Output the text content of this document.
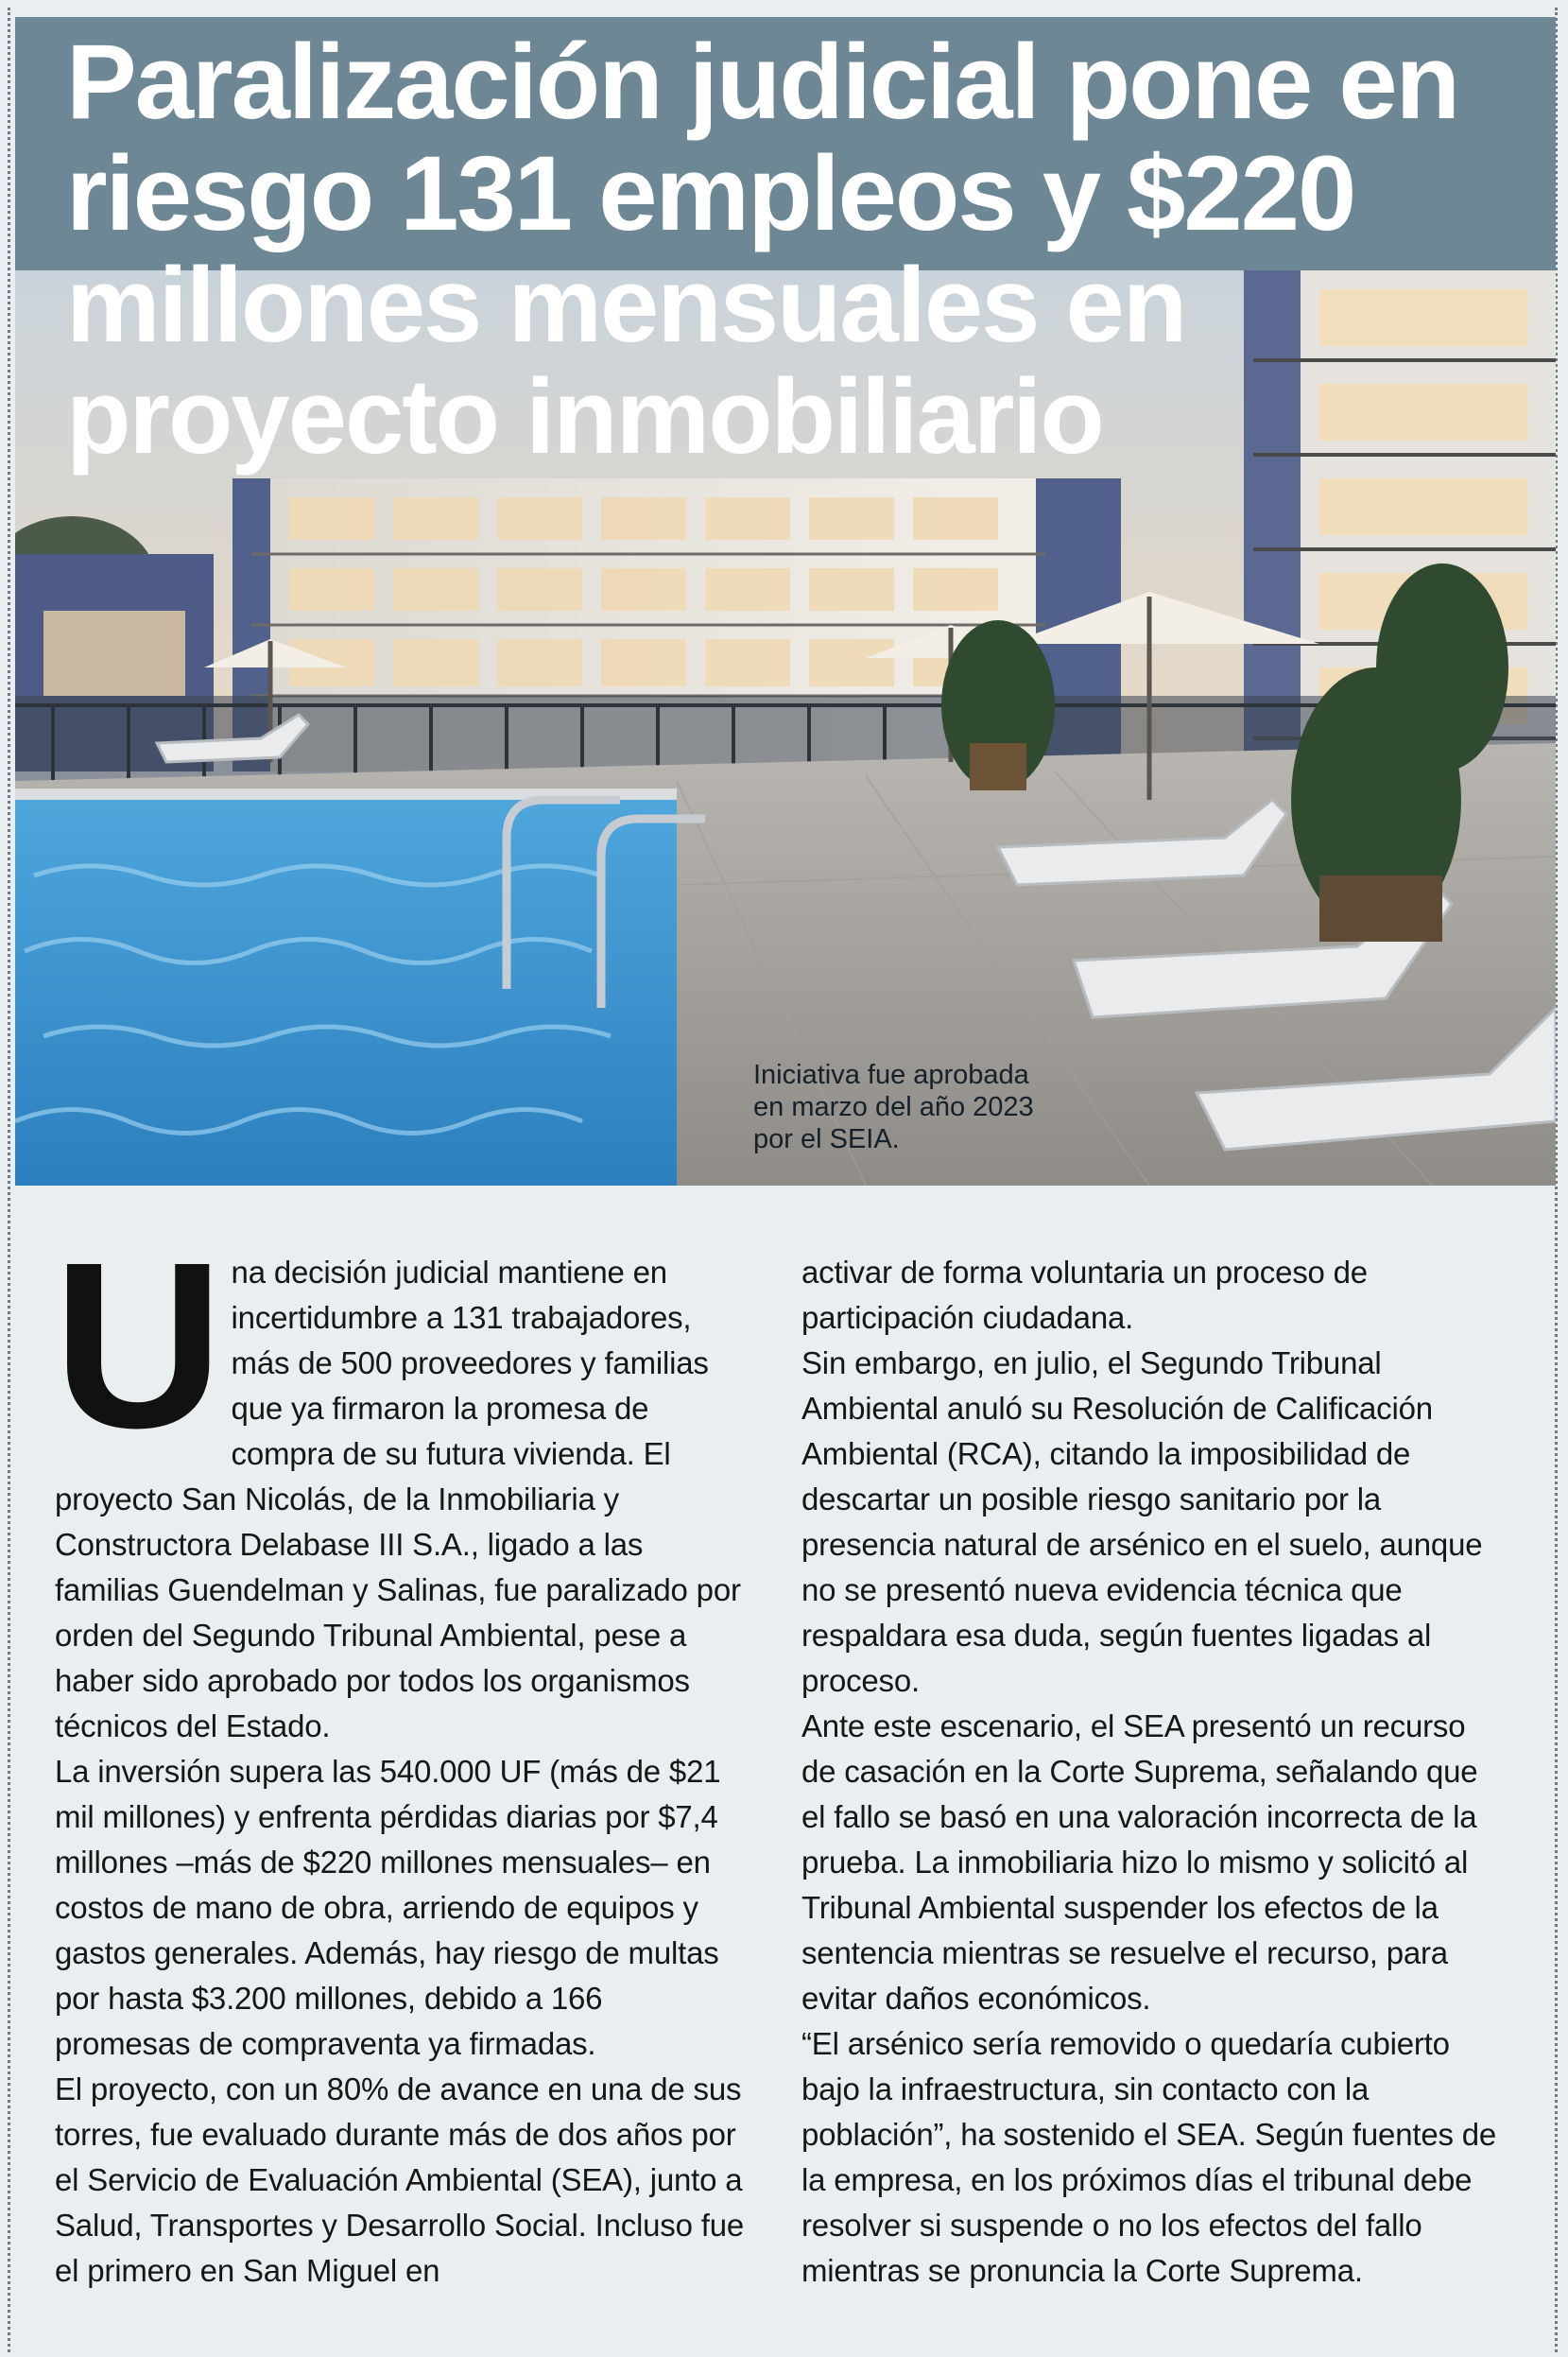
Paralización judicial pone en riesgo 131 empleos y $220 millones mensuales en proyecto inmobiliario

Iniciativa fue aprobada
en marzo del año 2023
por el SEIA.

Una decisión judicial mantiene en incertidumbre a 131 trabajadores, más de 500 proveedores y familias que ya firmaron la promesa de compra de su futura vivienda. El proyecto San Nicolás, de la Inmobiliaria y Constructora Delabase III S.A., ligado a las familias Guendelman y Salinas, fue paralizado por orden del Segundo Tribunal Ambiental, pese a haber sido aprobado por todos los organismos técnicos del Estado.

La inversión supera las 540.000 UF (más de $21 mil millones) y enfrenta pérdidas diarias por $7,4 millones –más de $220 millones mensuales– en costos de mano de obra, arriendo de equipos y gastos generales. Además, hay riesgo de multas por hasta $3.200 millones, debido a 166 promesas de compraventa ya firmadas.

El proyecto, con un 80% de avance en una de sus torres, fue evaluado durante más de dos años por el Servicio de Evaluación Ambiental (SEA), junto a Salud, Transportes y Desarrollo Social. Incluso fue el primero en San Miguel en

activar de forma voluntaria un proceso de participación ciudadana.

Sin embargo, en julio, el Segundo Tribunal Ambiental anuló su Resolución de Calificación Ambiental (RCA), citando la imposibilidad de descartar un posible riesgo sanitario por la presencia natural de arsénico en el suelo, aunque no se presentó nueva evidencia técnica que respaldara esa duda, según fuentes ligadas al proceso.

Ante este escenario, el SEA presentó un recurso de casación en la Corte Suprema, señalando que el fallo se basó en una valoración incorrecta de la prueba. La inmobiliaria hizo lo mismo y solicitó al Tribunal Ambiental suspender los efectos de la sentencia mientras se resuelve el recurso, para evitar daños económicos.

“El arsénico sería removido o quedaría cubierto bajo la infraestructura, sin contacto con la población”, ha sostenido el SEA. Según fuentes de la empresa, en los próximos días el tribunal debe resolver si suspende o no los efectos del fallo mientras se pronuncia la Corte Suprema.
